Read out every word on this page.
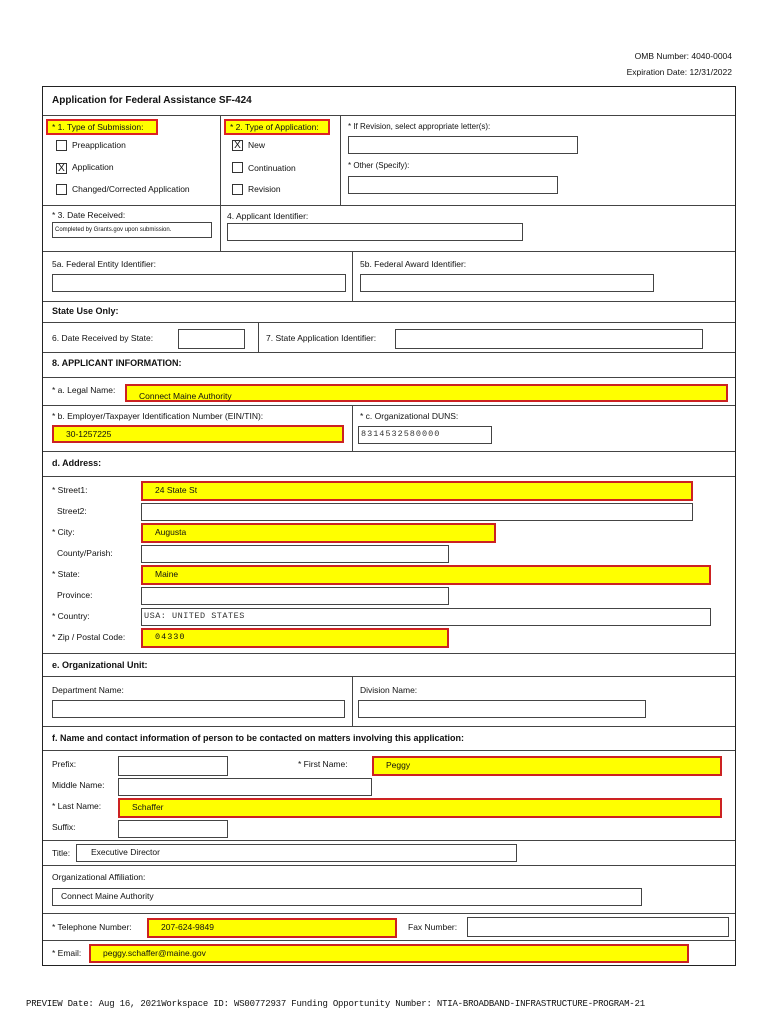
OMB Number: 4040-0004
Expiration Date: 12/31/2022
Application for Federal Assistance SF-424
* 1. Type of Submission:
Preapplication
X Application
Changed/Corrected Application
* 2. Type of Application:
X New
Continuation
Revision
* If Revision, select appropriate letter(s):
* Other (Specify):
* 3. Date Received:
Completed by Grants.gov upon submission.
4. Applicant Identifier:
5a. Federal Entity Identifier:	5b. Federal Award Identifier:
State Use Only:
6. Date Received by State:	7. State Application Identifier:
8. APPLICANT INFORMATION:
* a. Legal Name:
Connect Maine Authority
* b. Employer/Taxpayer Identification Number (EIN/TIN):
30-1257225
* c. Organizational DUNS:
8314532580000
d. Address:
* Street1:	24 State St
Street2:
* City:	Augusta
County/Parish:
* State:	Maine
Province:
* Country:	USA: UNITED STATES
* Zip / Postal Code:	04330
e. Organizational Unit:
Department Name:	Division Name:
f. Name and contact information of person to be contacted on matters involving this application:
Prefix:	* First Name:	Peggy
Middle Name:
* Last Name:	Schaffer
Suffix:
Title:	Executive Director
Organizational Affiliation:
Connect Maine Authority
* Telephone Number:	207-624-9849	Fax Number:
* Email:	peggy.schaffer@maine.gov
PREVIEW Date: Aug 16, 2021Workspace ID: WS00772937 Funding Opportunity Number: NTIA-BROADBAND-INFRASTRUCTURE-PROGRAM-21
